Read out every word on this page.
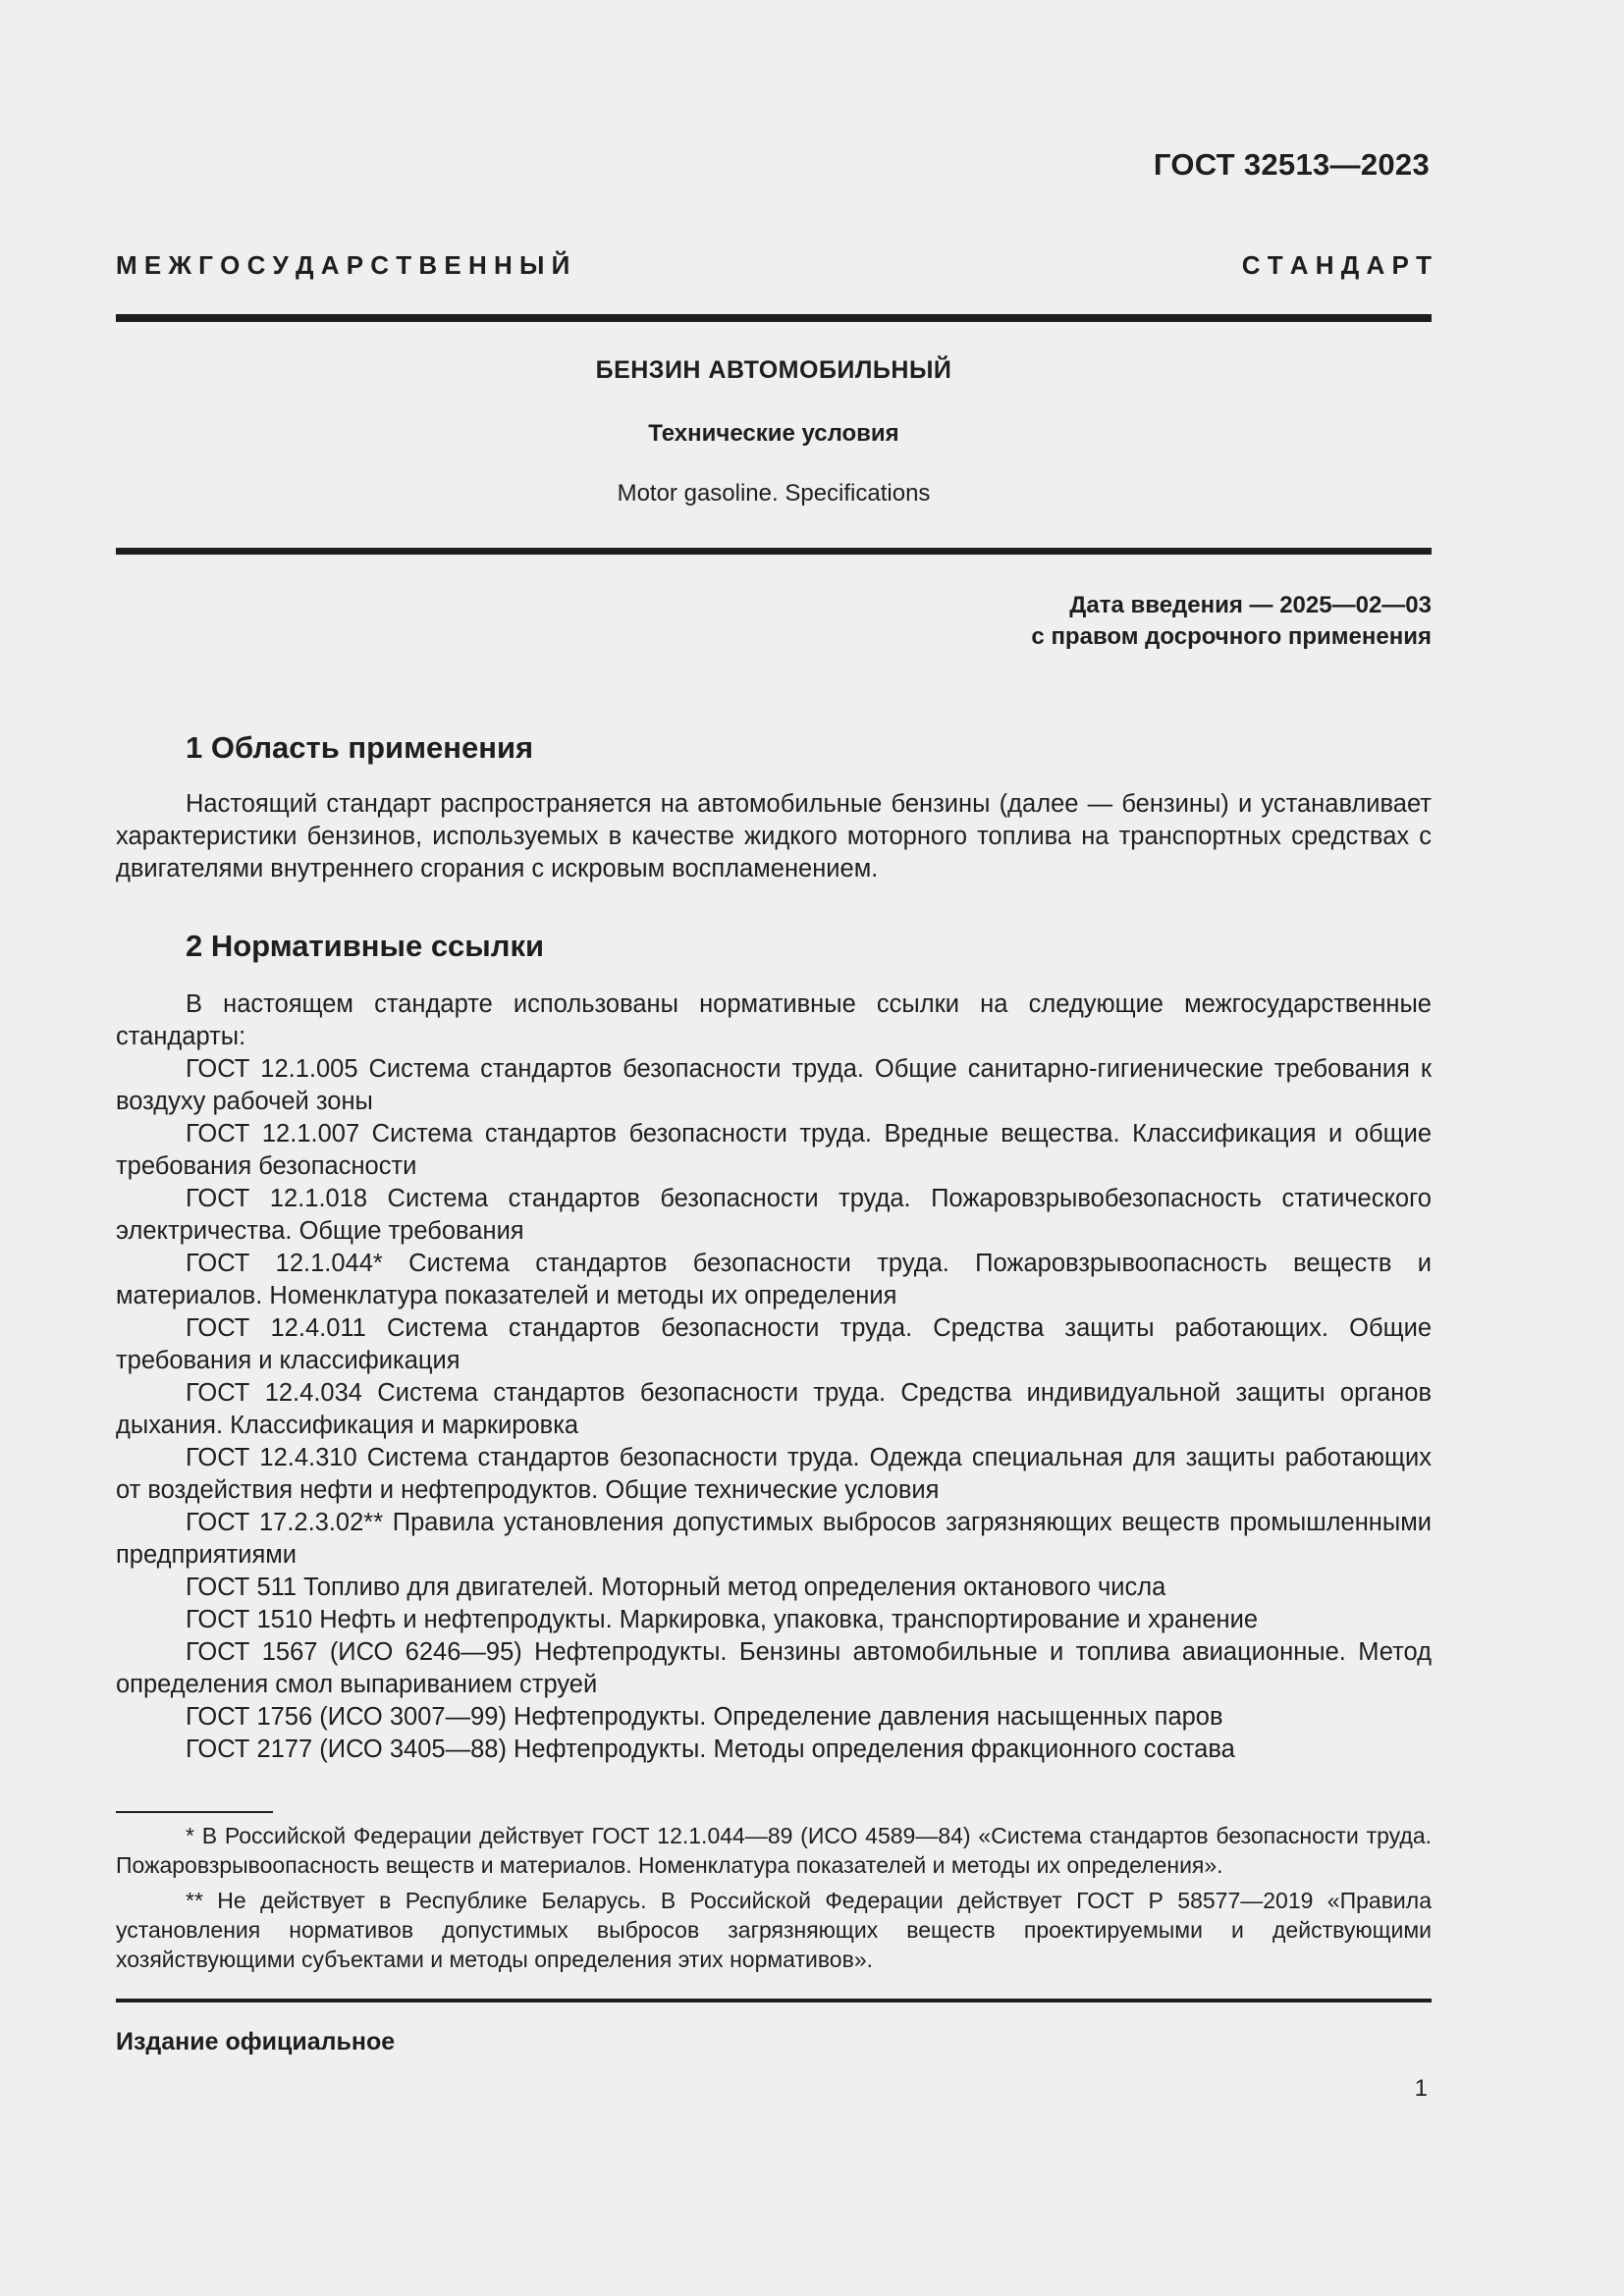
ГОСТ 32513—2023
М Е Ж Г О С У Д А Р С Т В Е Н Н Ы Й	С Т А Н Д А Р Т
БЕНЗИН АВТОМОБИЛЬНЫЙ
Технические условия
Motor gasoline. Specifications
Дата введения — 2025—02—03
с правом досрочного применения
1 Область применения
Настоящий стандарт распространяется на автомобильные бензины (далее — бензины) и устанавливает характеристики бензинов, используемых в качестве жидкого моторного топлива на транспортных средствах с двигателями внутреннего сгорания с искровым воспламенением.
2 Нормативные ссылки
В настоящем стандарте использованы нормативные ссылки на следующие межгосударственные стандарты:
ГОСТ 12.1.005 Система стандартов безопасности труда. Общие санитарно-гигиенические требования к воздуху рабочей зоны
ГОСТ 12.1.007 Система стандартов безопасности труда. Вредные вещества. Классификация и общие требования безопасности
ГОСТ 12.1.018 Система стандартов безопасности труда. Пожаровзрывобезопасность статического электричества. Общие требования
ГОСТ 12.1.044* Система стандартов безопасности труда. Пожаровзрывоопасность веществ и материалов. Номенклатура показателей и методы их определения
ГОСТ 12.4.011 Система стандартов безопасности труда. Средства защиты работающих. Общие требования и классификация
ГОСТ 12.4.034 Система стандартов безопасности труда. Средства индивидуальной защиты органов дыхания. Классификация и маркировка
ГОСТ 12.4.310 Система стандартов безопасности труда. Одежда специальная для защиты работающих от воздействия нефти и нефтепродуктов. Общие технические условия
ГОСТ 17.2.3.02** Правила установления допустимых выбросов загрязняющих веществ промышленными предприятиями
ГОСТ 511 Топливо для двигателей. Моторный метод определения октанового числа
ГОСТ 1510 Нефть и нефтепродукты. Маркировка, упаковка, транспортирование и хранение
ГОСТ 1567 (ИСО 6246—95) Нефтепродукты. Бензины автомобильные и топлива авиационные. Метод определения смол выпариванием струей
ГОСТ 1756 (ИСО 3007—99) Нефтепродукты. Определение давления насыщенных паров
ГОСТ 2177 (ИСО 3405—88) Нефтепродукты. Методы определения фракционного состава
* В Российской Федерации действует ГОСТ 12.1.044—89 (ИСО 4589—84) «Система стандартов безопасности труда. Пожаровзрывоопасность веществ и материалов. Номенклатура показателей и методы их определения».
** Не действует в Республике Беларусь. В Российской Федерации действует ГОСТ Р 58577—2019 «Правила установления нормативов допустимых выбросов загрязняющих веществ проектируемыми и действующими хозяйствующими субъектами и методы определения этих нормативов».
Издание официальное
1
